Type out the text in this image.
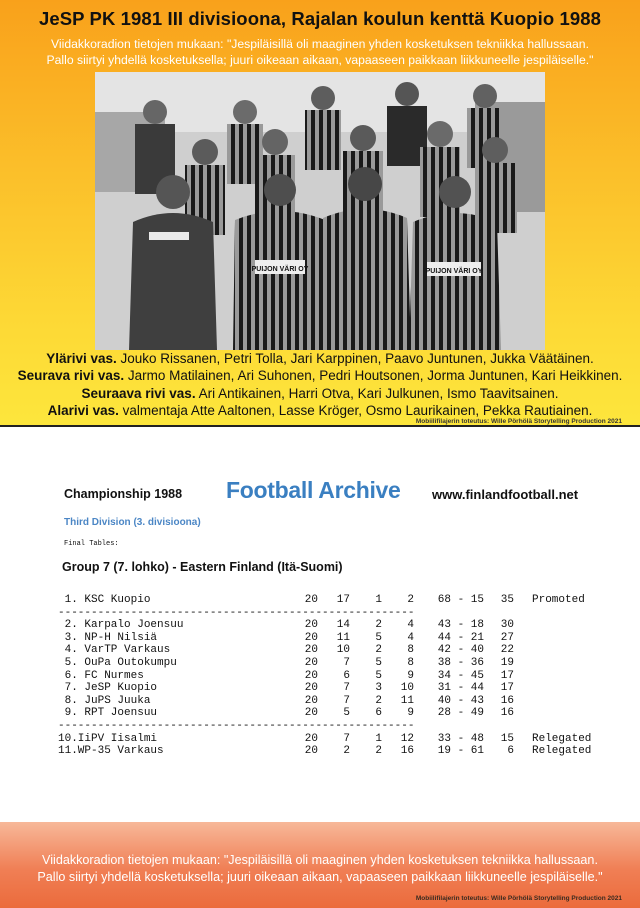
JeSP PK 1981 III divisioona, Rajalan koulun kenttä Kuopio 1988
Viidakkoradion tietojen mukaan: "Jespiläisillä oli maaginen yhden kosketuksen tekniikka hallussaan.
Pallo siirtyi yhdellä kosketuksella; juuri oikeaan aikaan, vapaaseen paikkaan liikkuneelle jespiläiselle."
PUIJON VÄRI OY	PUIJON VÄRI OY
Ylärivi vas. Jouko Rissanen, Petri Tolla, Jari Karppinen, Paavo Juntunen, Jukka Väätäinen.
Seurava rivi vas. Jarmo Matilainen, Ari Suhonen, Pedri Houtsonen, Jorma Juntunen, Kari Heikkinen.
Seuraava rivi vas. Ari Antikainen, Harri Otva, Kari Julkunen, Ismo Taavitsainen.
Alarivi vas. valmentaja Atte Aaltonen, Lasse Kröger, Osmo Laurikainen, Pekka Rautiainen.
Mobiilifilajerin toteutus: Wille Pörhölä Storytelling Production 2021
Championship 1988 Football Archive www.finlandfootball.net
Third Division (3. divisioona)
Final Tables:
Group 7 (7. lohko) - Eastern Finland (Itä-Suomi)
1. KSC Kuopio	20	17	1	2	68 - 15	35	Promoted
------------------------------------------------------
2. Karpalo Joensuu	20	14	2	4	43 - 18	30
3. NP-H Nilsiä	20	11	5	4	44 - 21	27
4. VarTP Varkaus	20	10	2	8	42 - 40	22
5. OuPa Outokumpu	20	7	5	8	38 - 36	19
6. FC Nurmes	20	6	5	9	34 - 45	17
7. JeSP Kuopio	20	7	3	10	31 - 44	17
8. JuPS Juuka	20	7	2	11	40 - 43	16
9. RPT Joensuu	20	5	6	9	28 - 49	16
------------------------------------------------------
10.IiPV Iisalmi	20	7	1	12	33 - 48	15	Relegated
11.WP-35 Varkaus	20	2	2	16	19 - 61	6	Relegated
Viidakkoradion tietojen mukaan: "Jespiläisillä oli maaginen yhden kosketuksen tekniikka hallussaan.
Pallo siirtyi yhdellä kosketuksella; juuri oikeaan aikaan, vapaaseen paikkaan liikkuneelle jespiläiselle."
Mobiilifilajerin toteutus: Wille Pörhölä Storytelling Production 2021
